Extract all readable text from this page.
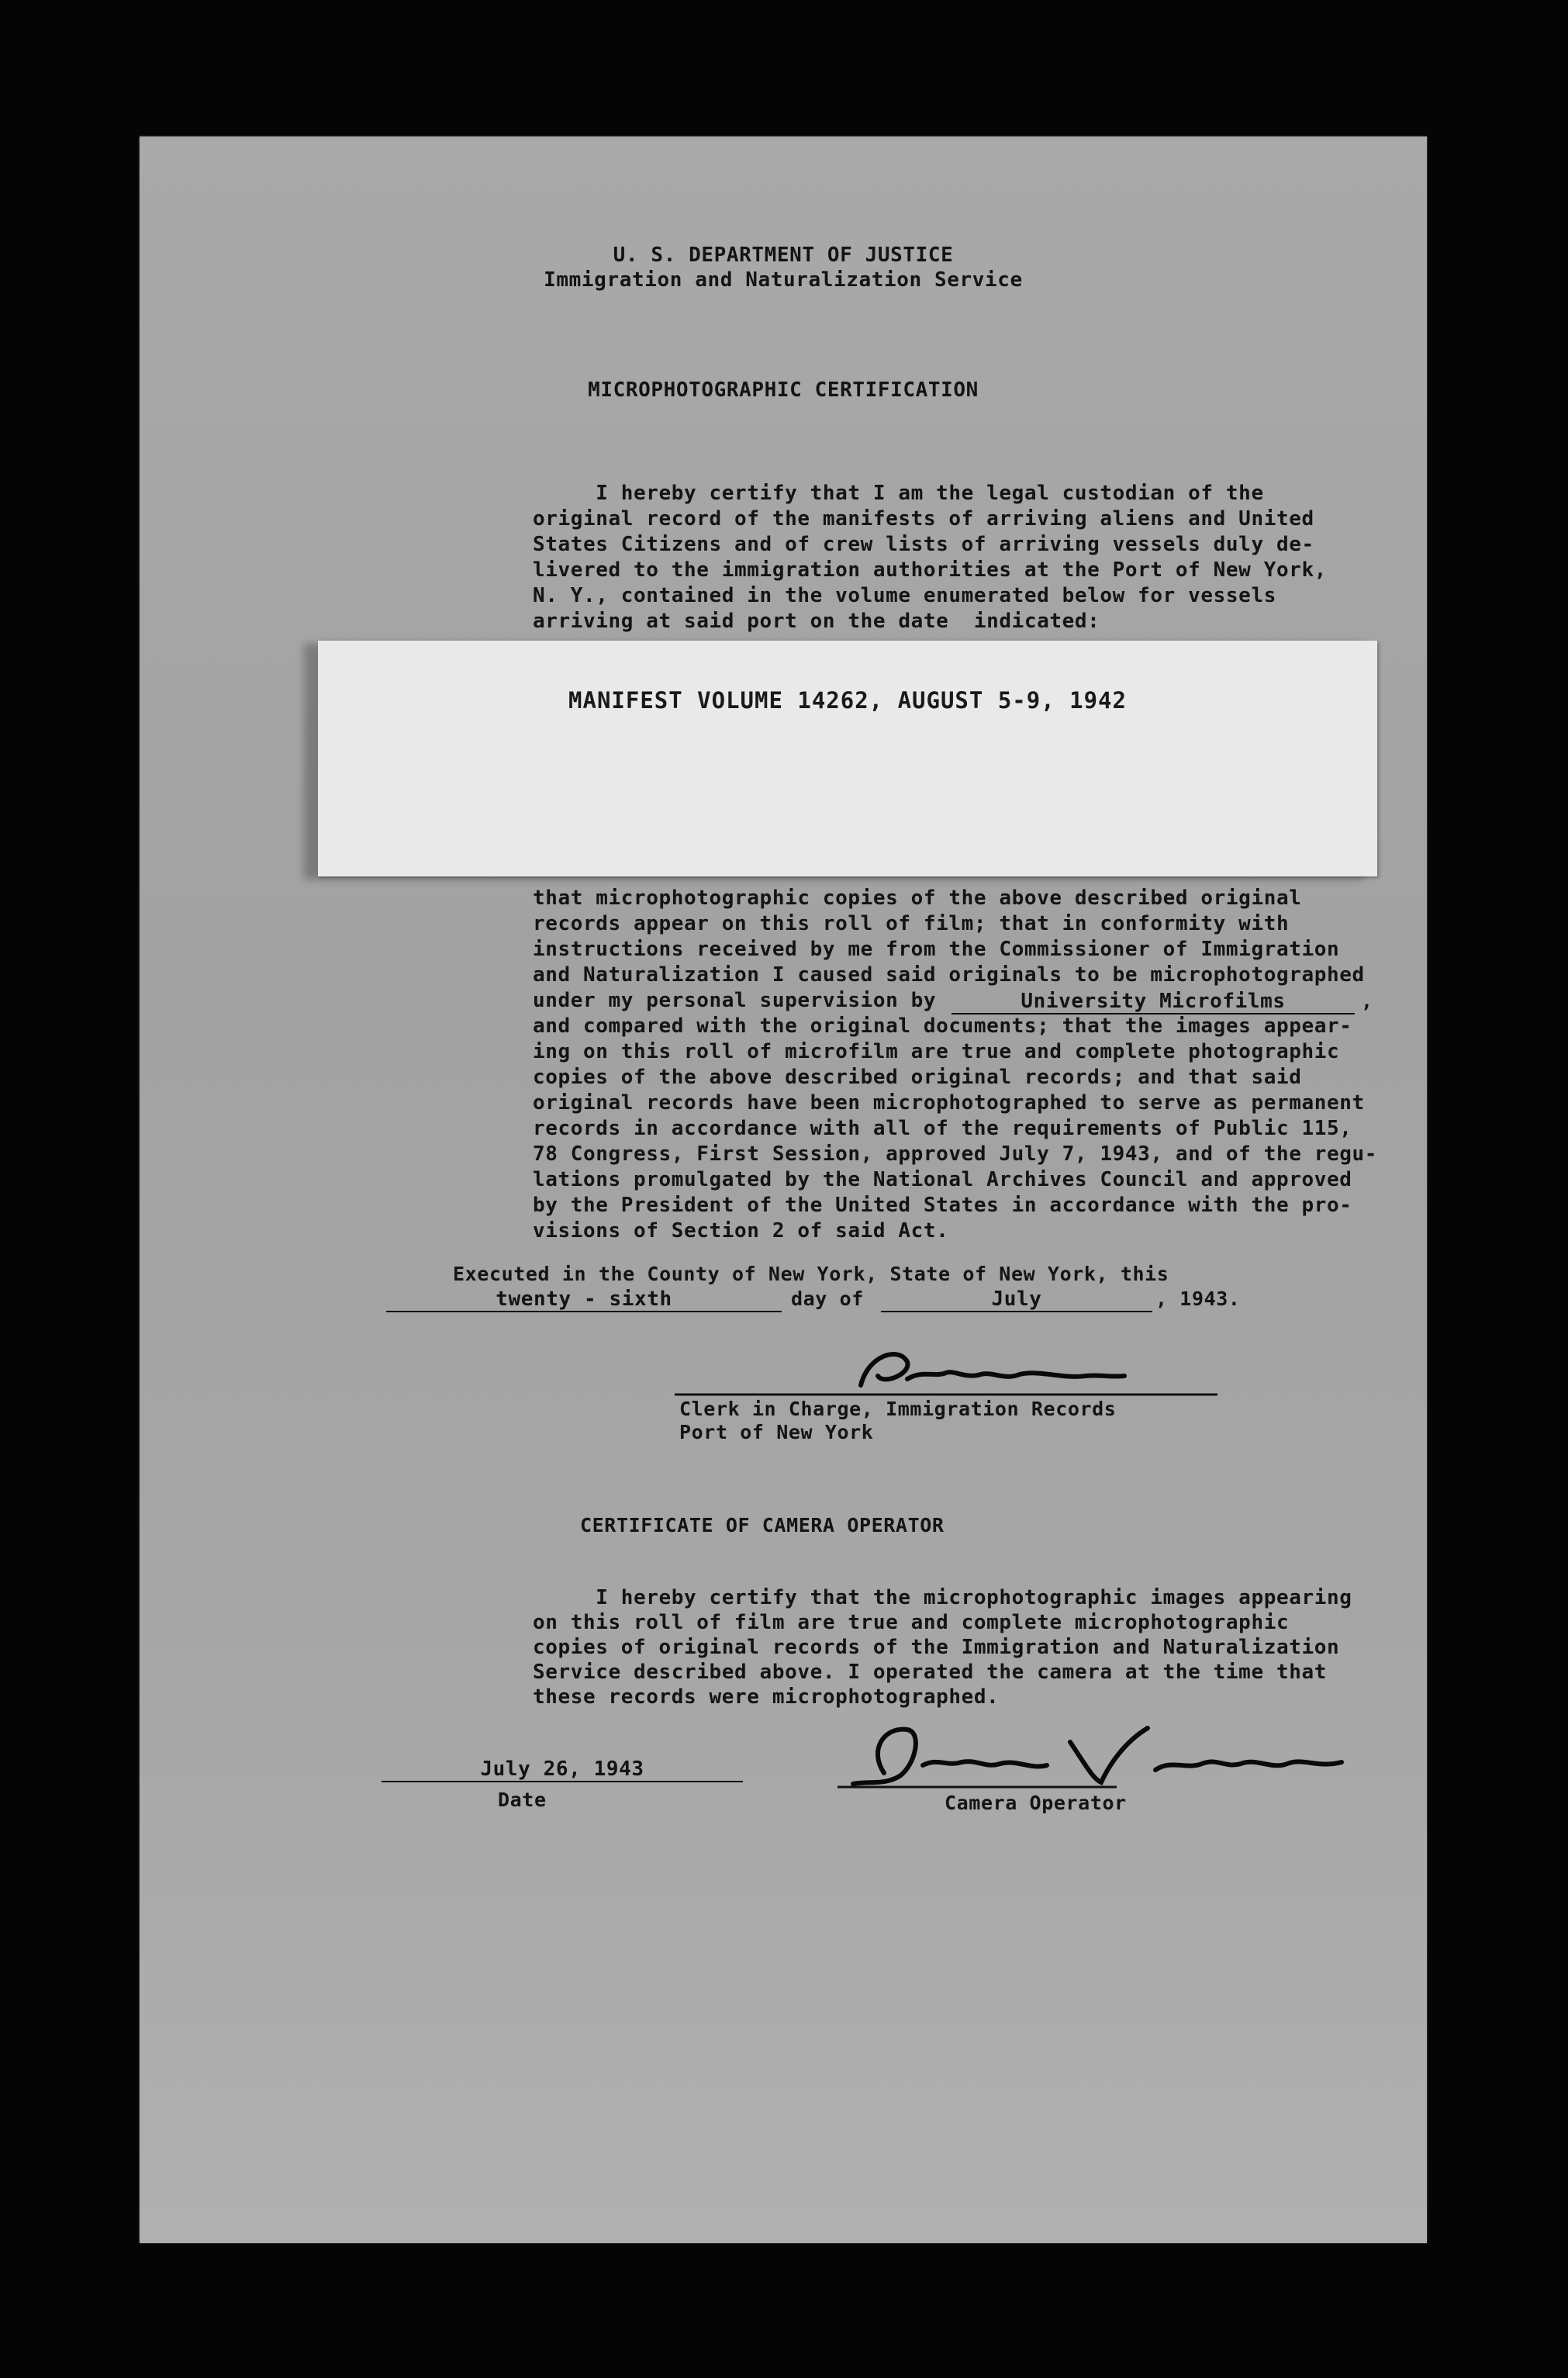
U. S. DEPARTMENT OF JUSTICE
Immigration and Naturalization Service
MICROPHOTOGRAPHIC CERTIFICATION
I hereby certify that I am the legal custodian of the
original record of the manifests of arriving aliens and United
States Citizens and of crew lists of arriving vessels duly de-
livered to the immigration authorities at the Port of New York,
N. Y., contained in the volume enumerated below for vessels
arriving at said port on the date  indicated:
that microphotographic copies of the above described original
records appear on this roll of film; that in conformity with
instructions received by me from the Commissioner of Immigration
and Naturalization I caused said originals to be microphotographed
under my personal supervision by	University Microfilms	,
and compared with the original documents; that the images appear-
ing on this roll of microfilm are true and complete photographic
copies of the above described original records; and that said
original records have been microphotographed to serve as permanent
records in accordance with all of the requirements of Public 115,
78 Congress, First Session, approved July 7, 1943, and of the regu-
lations promulgated by the National Archives Council and approved
by the President of the United States in accordance with the pro-
visions of Section 2 of said Act.
Executed in the County of New York, State of New York, this
twenty - sixth	day of	July	, 1943.
Clerk in Charge, Immigration Records
Port of New York
CERTIFICATE OF CAMERA OPERATOR
I hereby certify that the microphotographic images appearing
on this roll of film are true and complete microphotographic
copies of original records of the Immigration and Naturalization
Service described above. I operated the camera at the time that
these records were microphotographed.
July 26, 1943
Date	Camera Operator
MANIFEST VOLUME 14262, AUGUST 5-9, 1942
